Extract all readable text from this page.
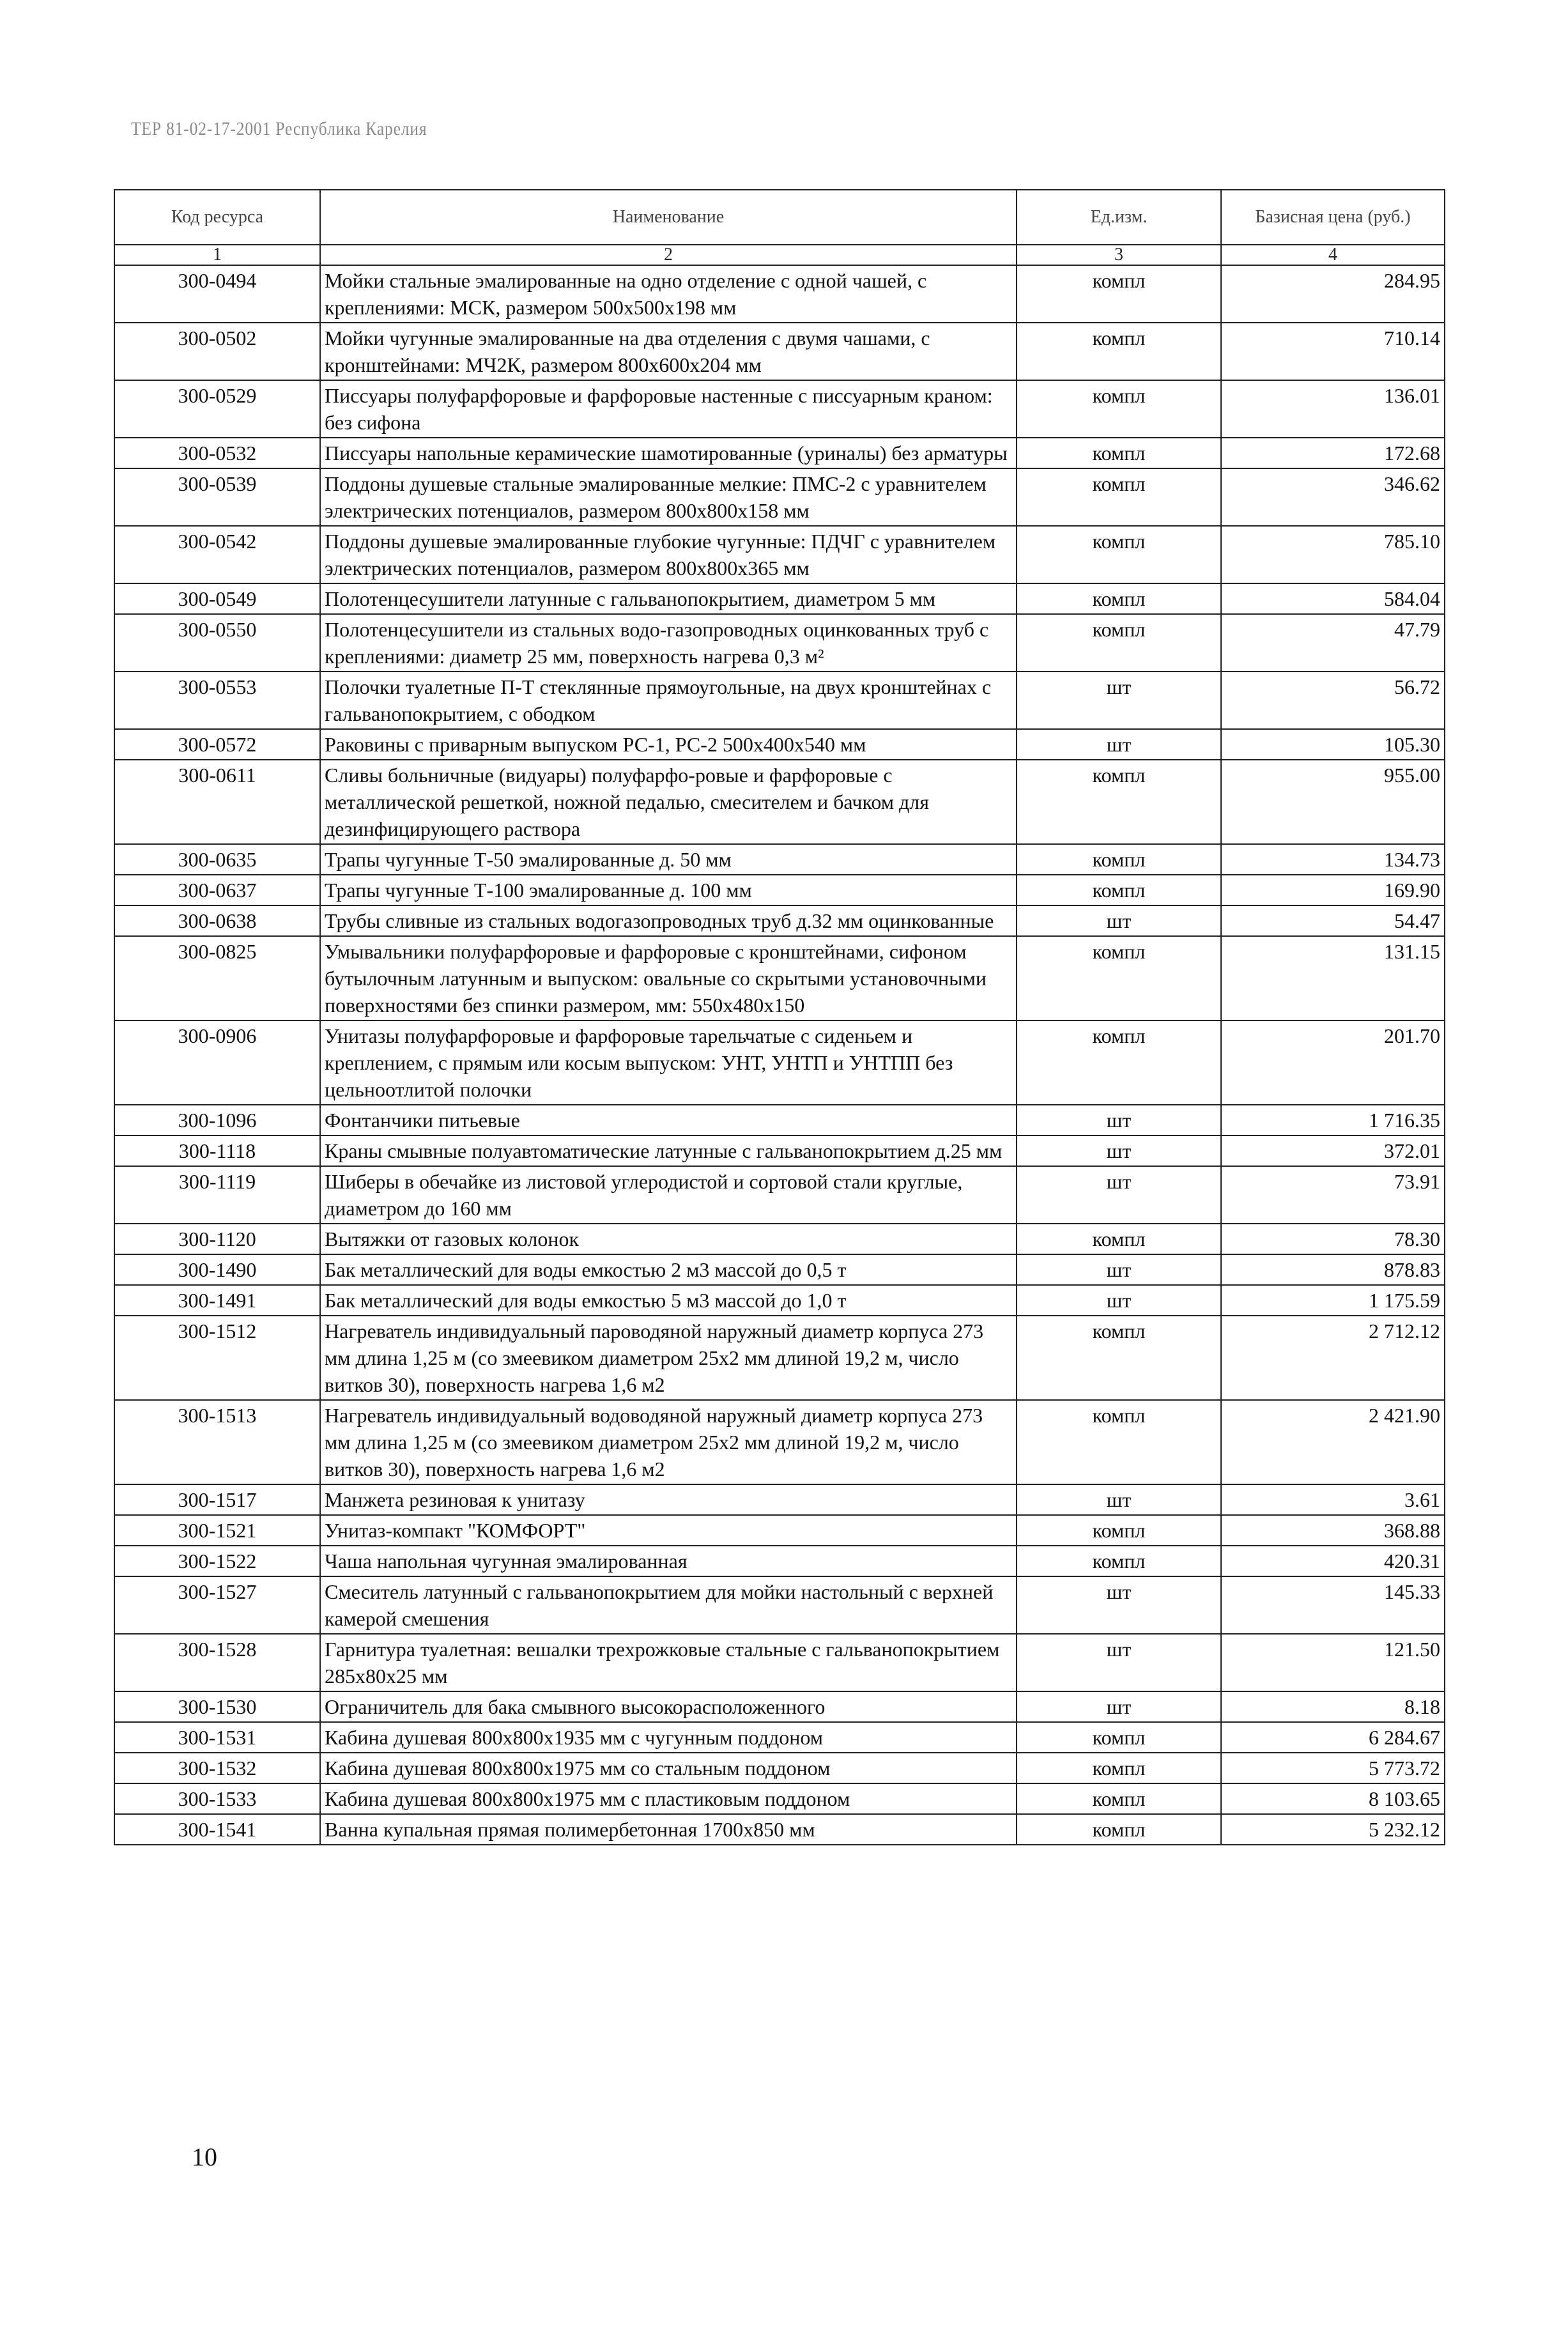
ТЕР 81-02-17-2001 Республика Карелия
Код ресурса	Наименование	Ед.изм.	Базисная цена (руб.)
1	2	3	4
300-0494	Мойки стальные эмалированные на одно отделение с одной чашей, с креплениями: МСК, размером 500х500х198 мм	компл	284.95
300-0502	Мойки чугунные эмалированные на два отделения с двумя чашами, с кронштейнами: МЧ2К, размером 800х600х204 мм	компл	710.14
300-0529	Писсуары полуфарфоровые и фарфоровые настенные с писсуарным краном: без сифона	компл	136.01
300-0532	Писсуары напольные керамические шамотированные (уриналы) без арматуры	компл	172.68
300-0539	Поддоны душевые стальные эмалированные мелкие: ПМС-2 с уравнителем электрических потенциалов, размером 800х800х158 мм	компл	346.62
300-0542	Поддоны душевые эмалированные глубокие чугунные: ПДЧГ с уравнителем электрических потенциалов, размером 800х800х365 мм	компл	785.10
300-0549	Полотенцесушители латунные с гальванопокрытием, диаметром 5 мм	компл	584.04
300-0550	Полотенцесушители из стальных водо-газопроводных оцинкованных труб с креплениями: диаметр 25 мм, поверхность нагрева 0,3 м²	компл	47.79
300-0553	Полочки туалетные П-Т стеклянные прямоугольные, на двух кронштейнах с гальванопокрытием, с ободком	шт	56.72
300-0572	Раковины с приварным выпуском РС-1, РС-2 500х400х540 мм	шт	105.30
300-0611	Сливы больничные (видуары) полуфарфо-ровые и фарфоровые с металлической решеткой, ножной педалью, смесителем и бачком для дезинфицирующего раствора	компл	955.00
300-0635	Трапы чугунные Т-50 эмалированные д. 50 мм	компл	134.73
300-0637	Трапы чугунные Т-100 эмалированные д. 100 мм	компл	169.90
300-0638	Трубы сливные из стальных водогазопроводных труб д.32 мм оцинкованные	шт	54.47
300-0825	Умывальники полуфарфоровые и фарфоровые с кронштейнами, сифоном бутылочным латунным и выпуском: овальные со скрытыми установочными поверхностями без спинки размером, мм: 550х480х150	компл	131.15
300-0906	Унитазы полуфарфоровые и фарфоровые тарельчатые с сиденьем и креплением, с прямым или косым выпуском: УНТ, УНТП и УНТПП без цельноотлитой полочки	компл	201.70
300-1096	Фонтанчики питьевые	шт	1 716.35
300-1118	Краны смывные полуавтоматические латунные с гальванопокрытием д.25 мм	шт	372.01
300-1119	Шиберы в обечайке из листовой углеродистой и сортовой стали круглые, диаметром до 160 мм	шт	73.91
300-1120	Вытяжки от газовых колонок	компл	78.30
300-1490	Бак металлический для воды емкостью 2 м3 массой до 0,5 т	шт	878.83
300-1491	Бак металлический для воды емкостью 5 м3 массой до 1,0 т	шт	1 175.59
300-1512	Нагреватель индивидуальный пароводяной наружный диаметр корпуса 273 мм длина 1,25 м (со змеевиком диаметром 25х2 мм длиной 19,2 м, число витков 30), поверхность нагрева 1,6 м2	компл	2 712.12
300-1513	Нагреватель индивидуальный водоводяной наружный диаметр корпуса 273 мм длина 1,25 м (со змеевиком диаметром 25х2 мм длиной 19,2 м, число витков 30), поверхность нагрева 1,6 м2	компл	2 421.90
300-1517	Манжета резиновая к унитазу	шт	3.61
300-1521	Унитаз-компакт "КОМФОРТ"	компл	368.88
300-1522	Чаша напольная чугунная эмалированная	компл	420.31
300-1527	Смеситель латунный с гальванопокрытием для мойки настольный с верхней камерой смешения	шт	145.33
300-1528	Гарнитура туалетная: вешалки трехрожковые стальные с гальванопокрытием 285х80х25 мм	шт	121.50
300-1530	Ограничитель для бака смывного высокорасположенного	шт	8.18
300-1531	Кабина душевая 800х800х1935 мм с чугунным поддоном	компл	6 284.67
300-1532	Кабина душевая 800х800х1975 мм со стальным поддоном	компл	5 773.72
300-1533	Кабина душевая 800х800х1975 мм с пластиковым поддоном	компл	8 103.65
300-1541	Ванна купальная прямая полимербетонная 1700х850 мм	компл	5 232.12
10
